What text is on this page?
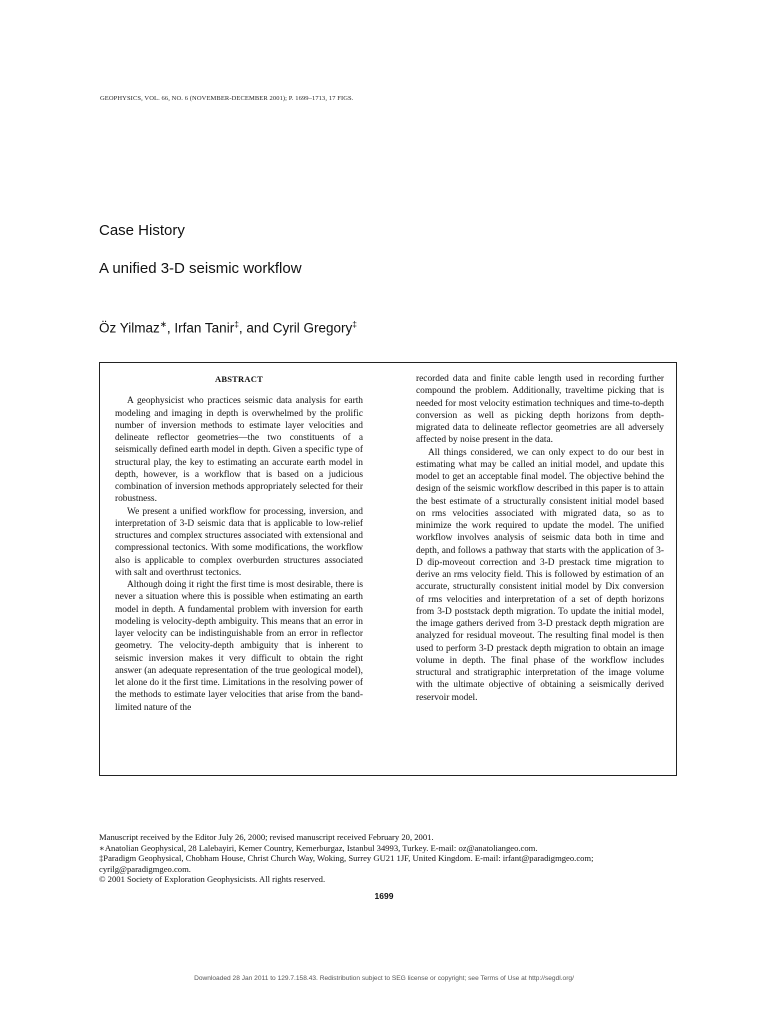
GEOPHYSICS, VOL. 66, NO. 6 (NOVEMBER-DECEMBER 2001); P. 1699–1713, 17 FIGS.
Case History
A unified 3-D seismic workflow
Öz Yilmaz∗, Irfan Tanir‡, and Cyril Gregory‡
ABSTRACT

A geophysicist who practices seismic data analysis for earth modeling and imaging in depth is overwhelmed by the prolific number of inversion methods to estimate layer velocities and delineate reflector geometries—the two constituents of a seismically defined earth model in depth. Given a specific type of structural play, the key to estimating an accurate earth model in depth, however, is a workflow that is based on a judicious combination of inversion methods appropriately selected for their robustness.

We present a unified workflow for processing, inversion, and interpretation of 3-D seismic data that is applicable to low-relief structures and complex structures associated with extensional and compressional tectonics. With some modifications, the workflow also is applicable to complex overburden structures associated with salt and overthrust tectonics.

Although doing it right the first time is most desirable, there is never a situation where this is possible when estimating an earth model in depth. A fundamental problem with inversion for earth modeling is velocity-depth ambiguity. This means that an error in layer velocity can be indistinguishable from an error in reflector geometry. The velocity-depth ambiguity that is inherent to seismic inversion makes it very difficult to obtain the right answer (an adequate representation of the true geological model), let alone do it the first time. Limitations in the resolving power of the methods to estimate layer velocities that arise from the band-limited nature of the

recorded data and finite cable length used in recording further compound the problem. Additionally, traveltime picking that is needed for most velocity estimation techniques and time-to-depth conversion as well as picking depth horizons from depth-migrated data to delineate reflector geometries are all adversely affected by noise present in the data.

All things considered, we can only expect to do our best in estimating what may be called an initial model, and update this model to get an acceptable final model. The objective behind the design of the seismic workflow described in this paper is to attain the best estimate of a structurally consistent initial model based on rms velocities associated with migrated data, so as to minimize the work required to update the model. The unified workflow involves analysis of seismic data both in time and depth, and follows a pathway that starts with the application of 3-D dip-moveout correction and 3-D prestack time migration to derive an rms velocity field. This is followed by estimation of an accurate, structurally consistent initial model by Dix conversion of rms velocities and interpretation of a set of depth horizons from 3-D poststack depth migration. To update the initial model, the image gathers derived from 3-D prestack depth migration are analyzed for residual moveout. The resulting final model is then used to perform 3-D prestack depth migration to obtain an image volume in depth. The final phase of the workflow includes structural and stratigraphic interpretation of the image volume with the ultimate objective of obtaining a seismically derived reservoir model.

Manuscript received by the Editor July 26, 2000; revised manuscript received February 20, 2001.
∗Anatolian Geophysical, 28 Lalebayiri, Kemer Country, Kemerburgaz, Istanbul 34993, Turkey. E-mail: oz@anatoliangeo.com.
‡Paradigm Geophysical, Chobham House, Christ Church Way, Woking, Surrey GU21 1JF, United Kingdom. E-mail: irfant@paradigmgeo.com; cyrilg@paradigmgeo.com.
© 2001 Society of Exploration Geophysicists. All rights reserved.
1699
Downloaded 28 Jan 2011 to 129.7.158.43. Redistribution subject to SEG license or copyright; see Terms of Use at http://segdl.org/
